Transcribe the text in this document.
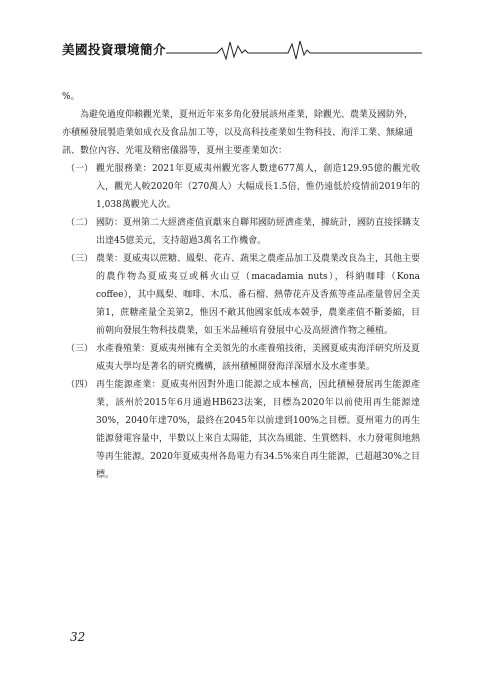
美國投資環境簡介

%。

為避免過度仰賴觀光業，夏州近年來多角化發展該州產業，除觀光、農業及國防外，亦積極發展製造業如成衣及食品加工等，以及高科技產業如生物科技、海洋工業、無線通訊、數位內容、光電及精密儀器等，夏州主要產業如次：

（一） 觀光服務業：2021年夏威夷州觀光客人數達677萬人，創造129.95億的觀光收入，觀光人較2020年（270萬人）大幅成長1.5倍，惟仍遠低於疫情前2019年的1,038萬觀光人次。
（二） 國防：夏州第二大經濟產值貢獻來自聯邦國防經濟產業，據統計，國防直接採購支出達45億美元，支持超過3萬名工作機會。
（三） 農業：夏威夷以蔗糖、鳳梨、花卉、蔬果之農產品加工及農業改良為主，其他主要的農作物為夏威夷豆或稱火山豆（macadamia nuts），科納咖啡（Kona coffee），其中鳳梨、咖啡、木瓜、番石榴、熱帶花卉及香蕉等產品產量曾居全美第1，蔗糖產量全美第2，惟因不敵其他國家低成本競爭，農業產值不斷萎縮，目前朝向發展生物科技農業，如玉米品種培育發展中心及高經濟作物之種植。
（三） 水產養殖業：夏威夷州擁有全美領先的水產養殖技術，美國夏威夷海洋研究所及夏威夷大學均是著名的研究機構，該州積極開發海洋深層水及水產事業。
（四） 再生能源產業：夏威夷州因對外進口能源之成本極高，因此積極發展再生能源產業，該州於2015年6月通過HB623法案，目標為2020年以前使用再生能源達30%，2040年達70%，最終在2045年以前達到100%之目標。夏州電力的再生能源發電容量中，半數以上來自太陽能，其次為風能、生質燃料、水力發電與地熱等再生能源。2020年夏威夷州各島電力有34.5%來自再生能源，已超越30%之目標。
32
